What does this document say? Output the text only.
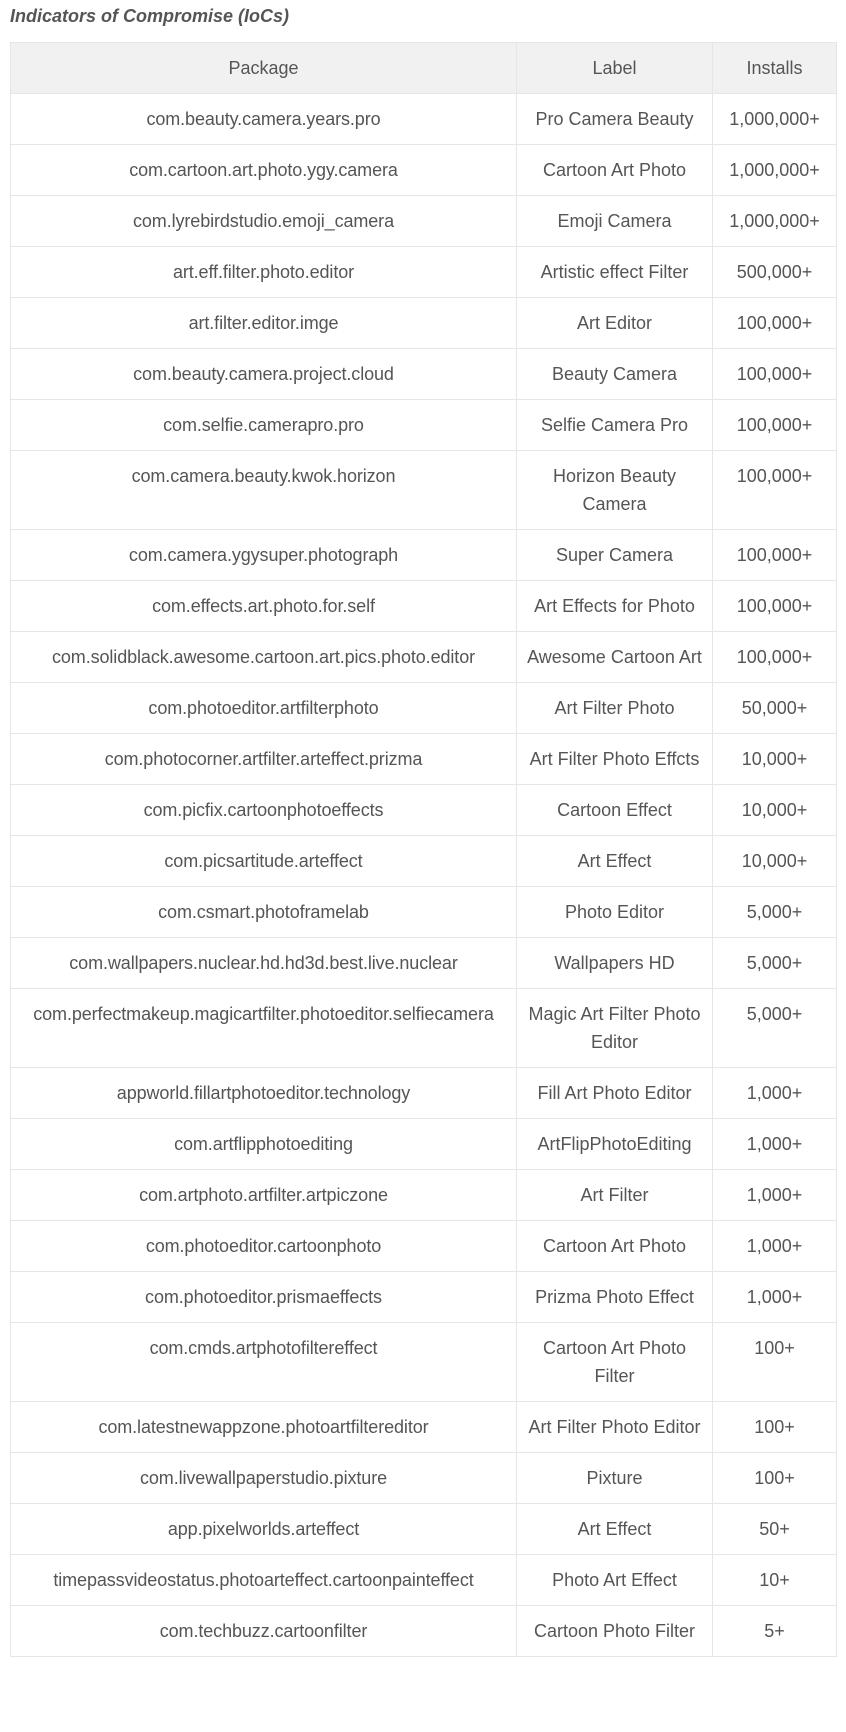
Indicators of Compromise (IoCs)
Package	Label	Installs
com.beauty.camera.years.pro	Pro Camera Beauty	1,000,000+
com.cartoon.art.photo.ygy.camera	Cartoon Art Photo	1,000,000+
com.lyrebirdstudio.emoji_camera	Emoji Camera	1,000,000+
art.eff.filter.photo.editor	Artistic effect Filter	500,000+
art.filter.editor.imge	Art Editor	100,000+
com.beauty.camera.project.cloud	Beauty Camera	100,000+
com.selfie.camerapro.pro	Selfie Camera Pro	100,000+
com.camera.beauty.kwok.horizon	Horizon Beauty Camera	100,000+
com.camera.ygysuper.photograph	Super Camera	100,000+
com.effects.art.photo.for.self	Art Effects for Photo	100,000+
com.solidblack.awesome.cartoon.art.pics.photo.editor	Awesome Cartoon Art	100,000+
com.photoeditor.artfilterphoto	Art Filter Photo	50,000+
com.photocorner.artfilter.arteffect.prizma	Art Filter Photo Effcts	10,000+
com.picfix.cartoonphotoeffects	Cartoon Effect	10,000+
com.picsartitude.arteffect	Art Effect	10,000+
com.csmart.photoframelab	Photo Editor	5,000+
com.wallpapers.nuclear.hd.hd3d.best.live.nuclear	Wallpapers HD	5,000+
com.perfectmakeup.magicartfilter.photoeditor.selfiecamera	Magic Art Filter Photo Editor	5,000+
appworld.fillartphotoeditor.technology	Fill Art Photo Editor	1,000+
com.artflipphotoediting	ArtFlipPhotoEditing	1,000+
com.artphoto.artfilter.artpiczone	Art Filter	1,000+
com.photoeditor.cartoonphoto	Cartoon Art Photo	1,000+
com.photoeditor.prismaeffects	Prizma Photo Effect	1,000+
com.cmds.artphotofiltereffect	Cartoon Art Photo Filter	100+
com.latestnewappzone.photoartfiltereditor	Art Filter Photo Editor	100+
com.livewallpaperstudio.pixture	Pixture	100+
app.pixelworlds.arteffect	Art Effect	50+
timepassvideostatus.photoarteffect.cartoonpainteffect	Photo Art Effect	10+
com.techbuzz.cartoonfilter	Cartoon Photo Filter	5+
